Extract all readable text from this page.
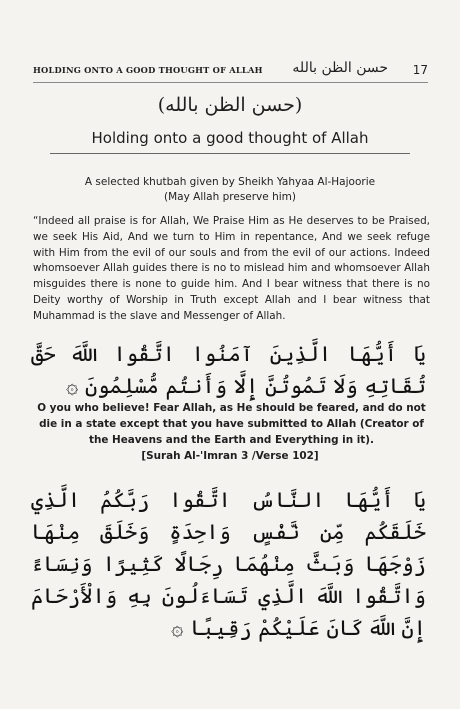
HOLDING ONTO A GOOD THOUGHT OF ALLAH حسن الظن بالله 17
(حسن الظن بالله)
Holding onto a good thought of Allah
A selected khutbah given by Sheikh Yahyaa Al-Hajoorie
(May Allah preserve him)
“Indeed all praise is for Allah, We Praise Him as He deserves to be Praised, we seek His Aid, And we turn to Him in repentance, And we seek refuge with Him from the evil of our souls and from the evil of our actions. Indeed whomsoever Allah guides there is no to mislead him and whomsoever Allah misguides there is none to guide him. And I bear witness that there is no Deity worthy of Worship in Truth except Allah and I bear witness that Muhammad is the slave and Messenger of Allah.
يَا أَيُّهَا الَّذِينَ آمَنُوا اتَّقُوا اللَّهَ حَقَّ تُقَاتِهِ وَلَا تَمُوتُنَّ إِلَّا وَأَنتُم مُّسْلِمُونَ ۞
O you who believe! Fear Allah, as He should be feared, and do not die in a state except that you have submitted to Allah (Creator of the Heavens and the Earth and Everything in it).
[Surah Al-'Imran 3 /Verse 102]
يَا أَيُّهَا النَّاسُ اتَّقُوا رَبَّكُمُ الَّذِي خَلَقَكُم مِّن نَّفْسٍ وَاحِدَةٍ وَخَلَقَ مِنْهَا زَوْجَهَا وَبَثَّ مِنْهُمَا رِجَالًا كَثِيرًا وَنِسَاءً وَاتَّقُوا اللَّهَ الَّذِي تَسَاءَلُونَ بِهِ وَالْأَرْحَامَ إِنَّ اللَّهَ كَانَ عَلَيْكُمْ رَقِيبًا ۞
